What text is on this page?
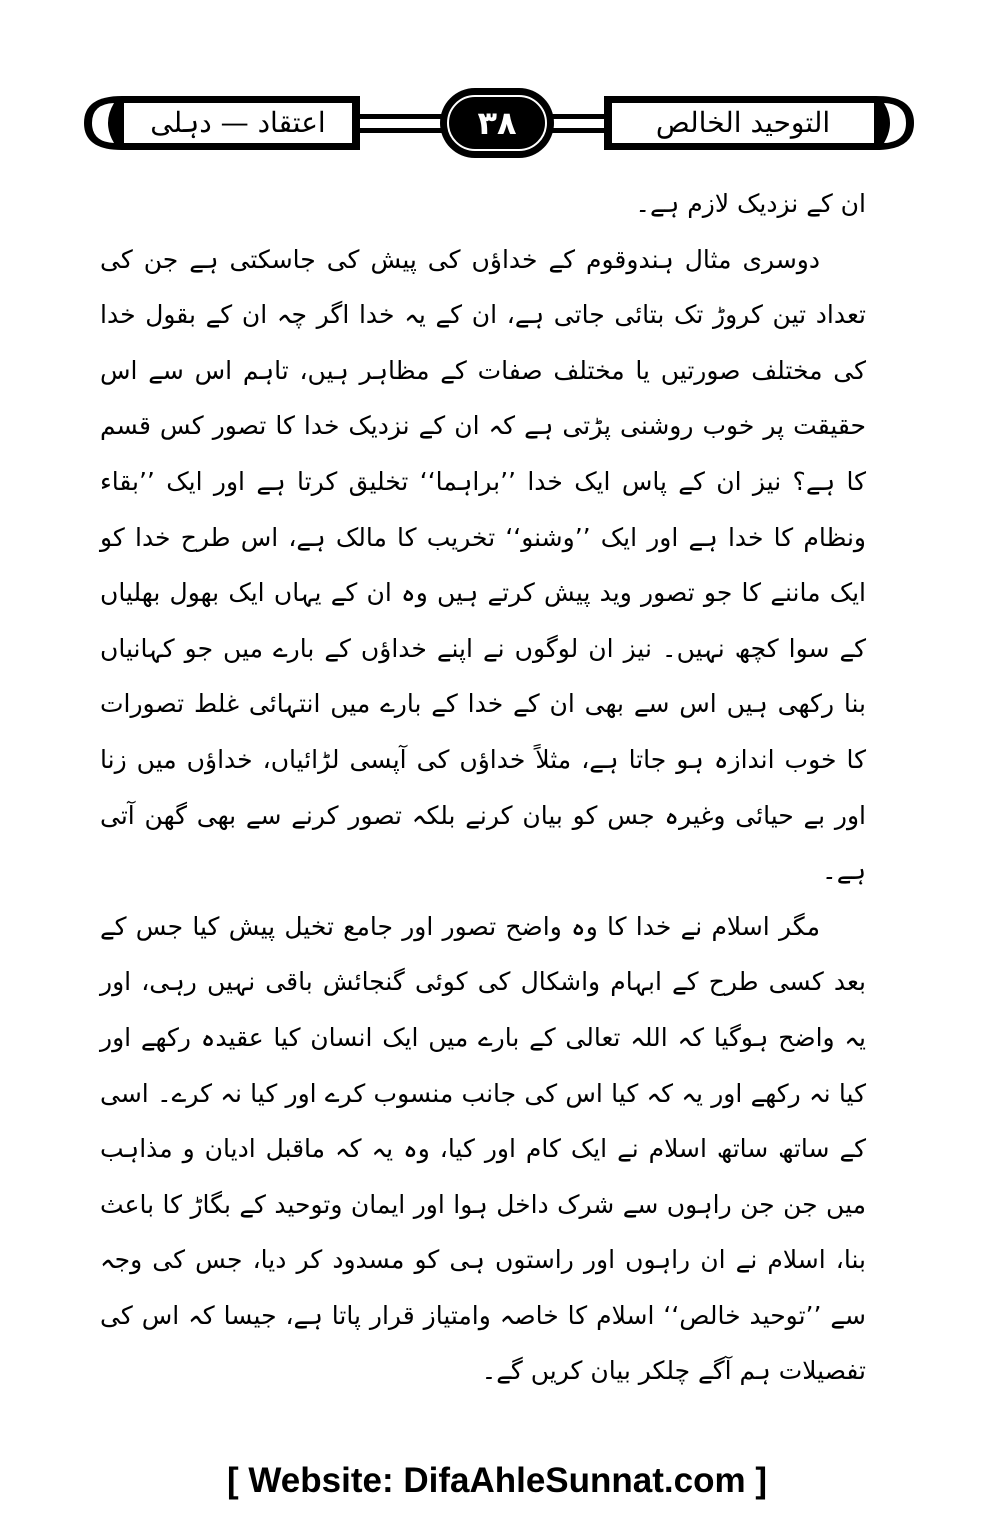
التوحید الخالص
اعتقاد — دہلی	۳۸

ان کے نزدیک لازم ہے۔

دوسری مثال ہندوقوم کے خداؤں کی پیش کی جاسکتی ہے جن کی تعداد تین کروڑ تک بتائی جاتی ہے، ان کے یہ خدا اگر چہ ان کے بقول خدا کی مختلف صورتیں یا مختلف صفات کے مظاہر ہیں، تاہم اس سے اس حقیقت پر خوب روشنی پڑتی ہے کہ ان کے نزدیک خدا کا تصور کس قسم کا ہے؟ نیز ان کے پاس ایک خدا ’’براہما‘‘ تخلیق کرتا ہے اور ایک ’’بقاء ونظام کا خدا ہے اور ایک ’’وشنو‘‘ تخریب کا مالک ہے، اس طرح خدا کو ایک ماننے کا جو تصور وید پیش کرتے ہیں وہ ان کے یہاں ایک بھول بھلیاں کے سوا کچھ نہیں۔ نیز ان لوگوں نے اپنے خداؤں کے بارے میں جو کہانیاں بنا رکھی ہیں اس سے بھی ان کے خدا کے بارے میں انتہائی غلط تصورات کا خوب اندازہ ہو جاتا ہے، مثلاً خداؤں کی آپسی لڑائیاں، خداؤں میں زنا اور بے حیائی وغیرہ جس کو بیان کرنے بلکہ تصور کرنے سے بھی گھن آتی ہے۔

مگر اسلام نے خدا کا وہ واضح تصور اور جامع تخیل پیش کیا جس کے بعد کسی طرح کے ابہام واشکال کی کوئی گنجائش باقی نہیں رہی، اور یہ واضح ہوگیا کہ اللہ تعالی کے بارے میں ایک انسان کیا عقیدہ رکھے اور کیا نہ رکھے اور یہ کہ کیا اس کی جانب منسوب کرے اور کیا نہ کرے۔ اسی کے ساتھ ساتھ اسلام نے ایک کام اور کیا، وہ یہ کہ ماقبل ادیان و مذاہب میں جن جن راہوں سے شرک داخل ہوا اور ایمان وتوحید کے بگاڑ کا باعث بنا، اسلام نے ان راہوں اور راستوں ہی کو مسدود کر دیا، جس کی وجہ سے ’’توحید خالص‘‘ اسلام کا خاصہ وامتیاز قرار پاتا ہے، جیسا کہ اس کی تفصیلات ہم آگے چلکر بیان کریں گے۔

[ Website: DifaAhleSunnat.com ]
